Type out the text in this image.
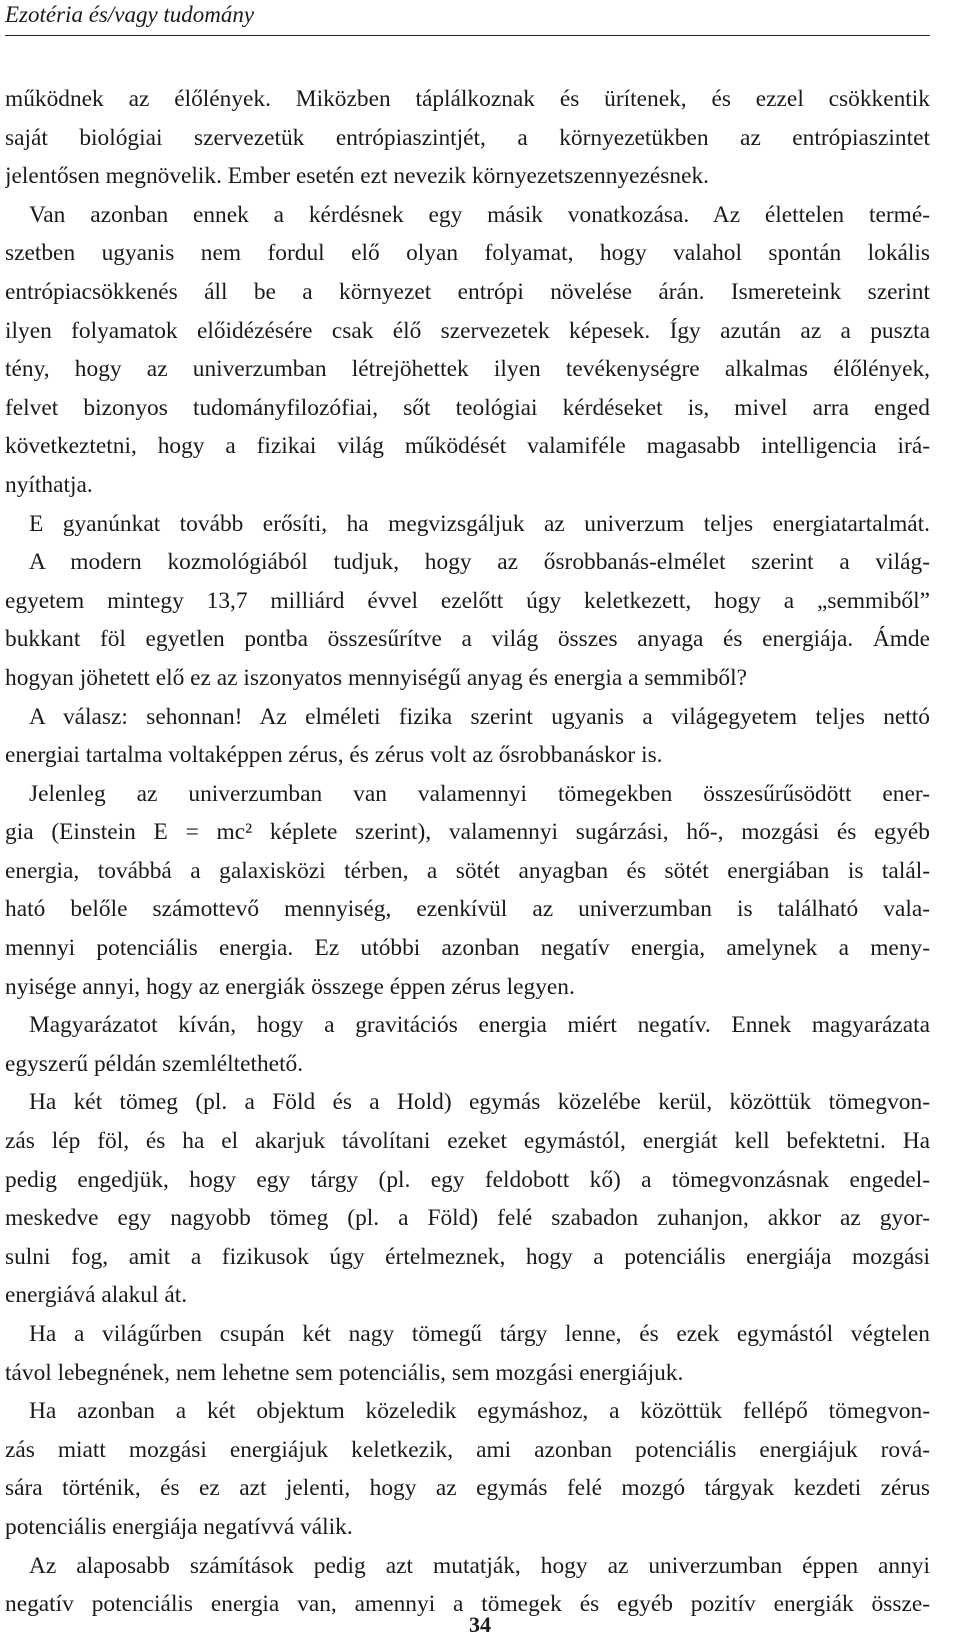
Ezotéria és/vagy tudomány
működnek az élőlények. Miközben táplálkoznak és ürítenek, és ezzel csökkentik
saját biológiai szervezetük entrópiaszintjét, a környezetükben az entrópiaszintet
jelentősen megnövelik. Ember esetén ezt nevezik környezetszennyezésnek.
Van azonban ennek a kérdésnek egy másik vonatkozása. Az élettelen termé-
szetben ugyanis nem fordul elő olyan folyamat, hogy valahol spontán lokális
entrópiacsökkenés áll be a környezet entrópi növelése árán. Ismereteink szerint
ilyen folyamatok előidézésére csak élő szervezetek képesek. Így azután az a puszta
tény, hogy az univerzumban létrejöhettek ilyen tevékenységre alkalmas élőlények,
felvet bizonyos tudományfilozófiai, sőt teológiai kérdéseket is, mivel arra enged
következtetni, hogy a fizikai világ működését valamiféle magasabb intelligencia irá-
nyíthatja.
E gyanúnkat tovább erősíti, ha megvizsgáljuk az univerzum teljes energiatartalmát.
A modern kozmológiából tudjuk, hogy az ősrobbanás-elmélet szerint a világ-
egyetem mintegy 13,7 milliárd évvel ezelőtt úgy keletkezett, hogy a „semmiből”
bukkant föl egyetlen pontba összesűrítve a világ összes anyaga és energiája. Ámde
hogyan jöhetett elő ez az iszonyatos mennyiségű anyag és energia a semmiből?
A válasz: sehonnan! Az elméleti fizika szerint ugyanis a világegyetem teljes nettó
energiai tartalma voltaképpen zérus, és zérus volt az ősrobbanáskor is.
Jelenleg az univerzumban van valamennyi tömegekben összesűrűsödött ener-
gia (Einstein E = mc² képlete szerint), valamennyi sugárzási, hő-, mozgási és egyéb
energia, továbbá a galaxisközi térben, a sötét anyagban és sötét energiában is talál-
ható belőle számottevő mennyiség, ezenkívül az univerzumban is található vala-
mennyi potenciális energia. Ez utóbbi azonban negatív energia, amelynek a meny-
nyisége annyi, hogy az energiák összege éppen zérus legyen.
Magyarázatot kíván, hogy a gravitációs energia miért negatív. Ennek magyarázata
egyszerű példán szemléltethető.
Ha két tömeg (pl. a Föld és a Hold) egymás közelébe kerül, közöttük tömegvon-
zás lép föl, és ha el akarjuk távolítani ezeket egymástól, energiát kell befektetni. Ha
pedig engedjük, hogy egy tárgy (pl. egy feldobott kő) a tömegvonzásnak engedel-
meskedve egy nagyobb tömeg (pl. a Föld) felé szabadon zuhanjon, akkor az gyor-
sulni fog, amit a fizikusok úgy értelmeznek, hogy a potenciális energiája mozgási
energiává alakul át.
Ha a világűrben csupán két nagy tömegű tárgy lenne, és ezek egymástól végtelen
távol lebegnének, nem lehetne sem potenciális, sem mozgási energiájuk.
Ha azonban a két objektum közeledik egymáshoz, a közöttük fellépő tömegvon-
zás miatt mozgási energiájuk keletkezik, ami azonban potenciális energiájuk rová-
sára történik, és ez azt jelenti, hogy az egymás felé mozgó tárgyak kezdeti zérus
potenciális energiája negatívvá válik.
Az alaposabb számítások pedig azt mutatják, hogy az univerzumban éppen annyi
negatív potenciális energia van, amennyi a tömegek és egyéb pozitív energiák össze-
34
